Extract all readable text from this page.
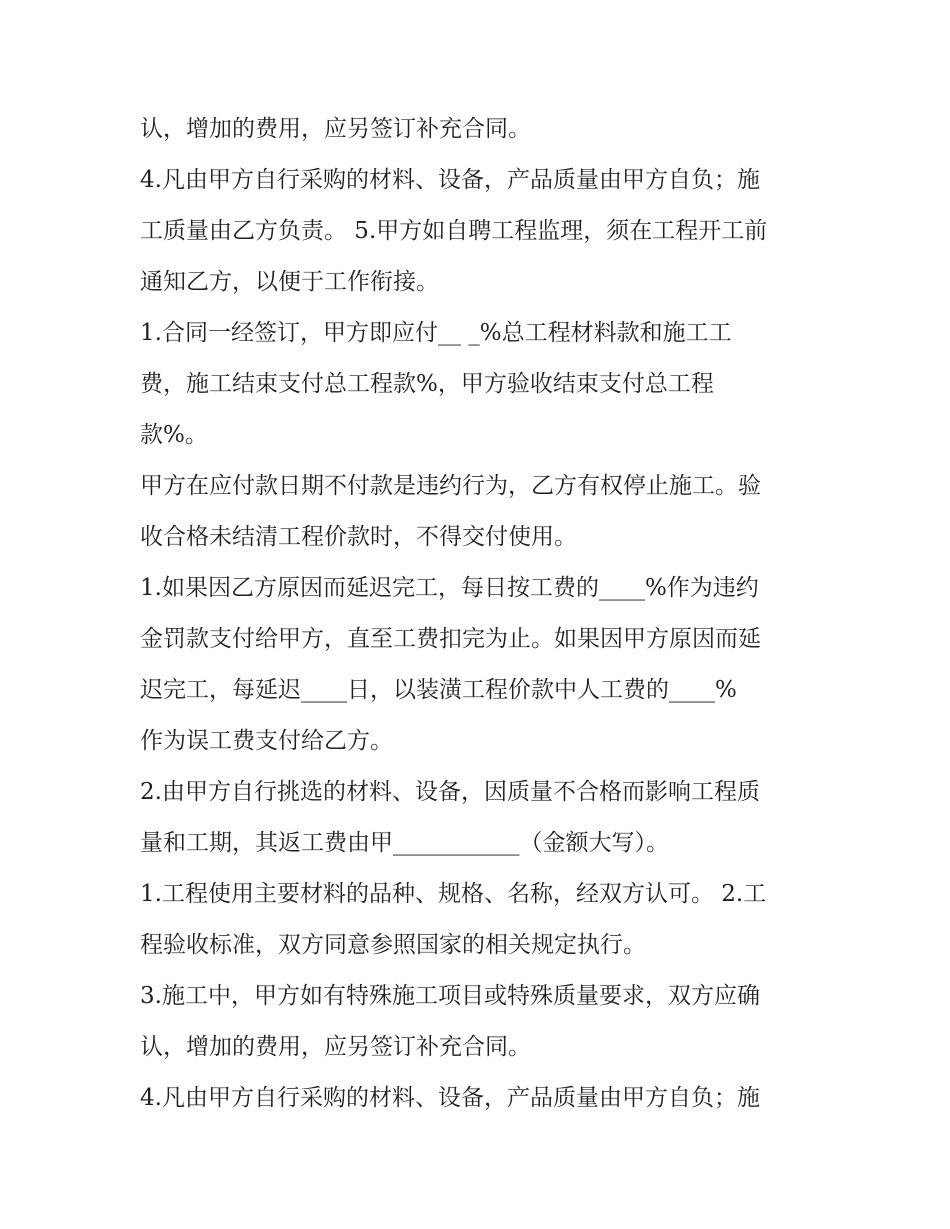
认，增加的费用，应另签订补充合同。
4.凡由甲方自行采购的材料、设备，产品质量由甲方自负；施
工质量由乙方负责。 5.甲方如自聘工程监理，须在工程开工前
通知乙方，以便于工作衔接。
1.合同一经签订，甲方即应付__ _%总工程材料款和施工工
费，施工结束支付总工程款%，甲方验收结束支付总工程
款%。
甲方在应付款日期不付款是违约行为，乙方有权停止施工。验
收合格未结清工程价款时，不得交付使用。
1.如果因乙方原因而延迟完工，每日按工费的____%作为违约
金罚款支付给甲方，直至工费扣完为止。如果因甲方原因而延
迟完工，每延迟____日，以装潢工程价款中人工费的____%
作为误工费支付给乙方。
2.由甲方自行挑选的材料、设备，因质量不合格而影响工程质
量和工期，其返工费由甲___________（金额大写）。
1.工程使用主要材料的品种、规格、名称，经双方认可。 2.工
程验收标准，双方同意参照国家的相关规定执行。
3.施工中，甲方如有特殊施工项目或特殊质量要求，双方应确
认，增加的费用，应另签订补充合同。
4.凡由甲方自行采购的材料、设备，产品质量由甲方自负；施
